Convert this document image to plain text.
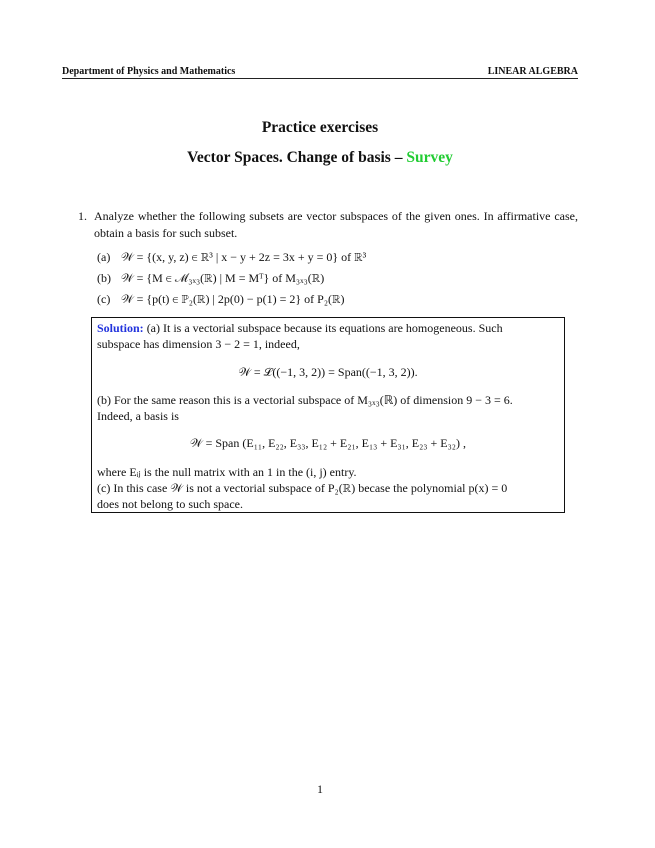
Department of Physics and Mathematics	LINEAR ALGEBRA
Practice exercises
Vector Spaces. Change of basis – Survey
1. Analyze whether the following subsets are vector subspaces of the given ones. In affirmative case, obtain a basis for such subset.
(a) 𝒲 = {(x, y, z) ∈ ℝ³ | x − y + 2z = 3x + y = 0} of ℝ³
(b) 𝒲 = {M ∈ ℳ₃ₓ₃(ℝ) | M = Mᵀ} of M₃ₓ₃(ℝ)
(c) 𝒲 = {p(t) ∈ ℙ₂(ℝ) | 2p(0) − p(1) = 2} of P₂(ℝ)
Solution: (a) It is a vectorial subspace because its equations are homogeneous. Such
subspace has dimension 3 − 2 = 1, indeed,
𝒲 = ℒ((−1, 3, 2)) = Span((−1, 3, 2)).
(b) For the same reason this is a vectorial subspace of M₃ₓ₃(ℝ) of dimension 9 − 3 = 6.
Indeed, a basis is
𝒲 = Span (E₁₁, E₂₂, E₃₃, E₁₂ + E₂₁, E₁₃ + E₃₁, E₂₃ + E₃₂) ,
where Eᵢⱼ is the null matrix with an 1 in the (i, j) entry.
(c) In this case 𝒲 is not a vectorial subspace of P₂(ℝ) becase the polynomial p(x) = 0
does not belong to such space.
1
